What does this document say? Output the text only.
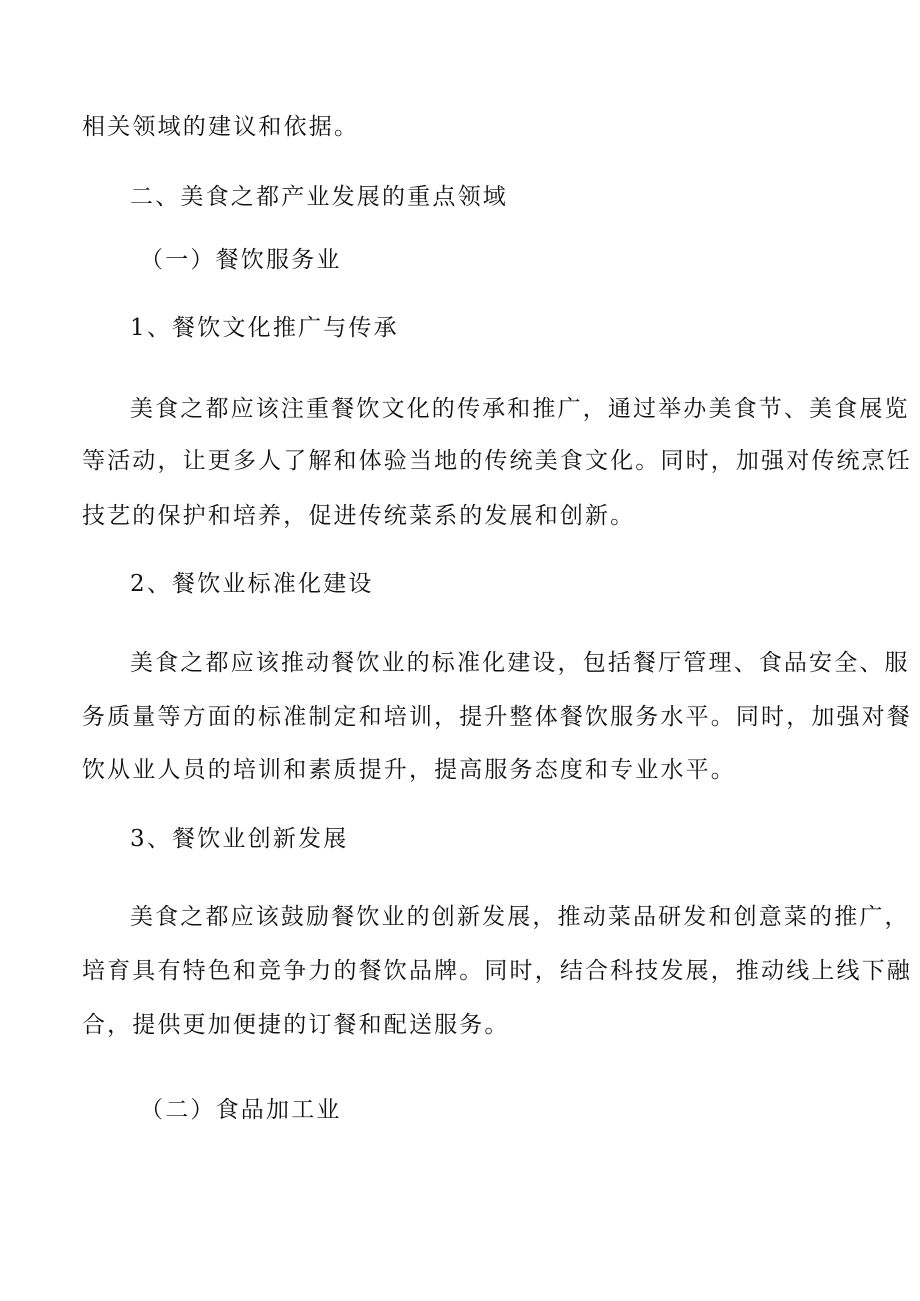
相关领域的建议和依据。
二、美食之都产业发展的重点领域
（一）餐饮服务业
1、餐饮文化推广与传承
美食之都应该注重餐饮文化的传承和推广，通过举办美食节、美食展览
等活动，让更多人了解和体验当地的传统美食文化。同时，加强对传统烹饪
技艺的保护和培养，促进传统菜系的发展和创新。
2、餐饮业标准化建设
美食之都应该推动餐饮业的标准化建设，包括餐厅管理、食品安全、服
务质量等方面的标准制定和培训，提升整体餐饮服务水平。同时，加强对餐
饮从业人员的培训和素质提升，提高服务态度和专业水平。
3、餐饮业创新发展
美食之都应该鼓励餐饮业的创新发展，推动菜品研发和创意菜的推广，
培育具有特色和竞争力的餐饮品牌。同时，结合科技发展，推动线上线下融
合，提供更加便捷的订餐和配送服务。
（二）食品加工业
